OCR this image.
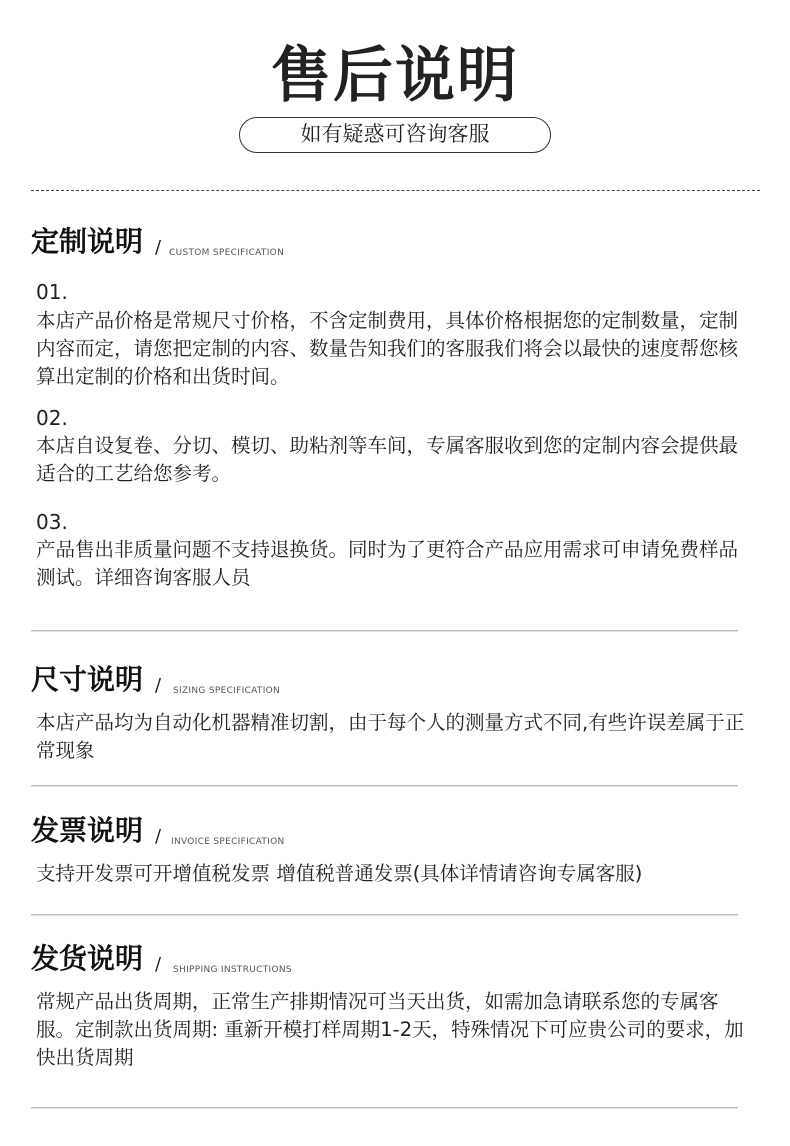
售后说明
如有疑惑可咨询客服
定制说明 / CUSTOM SPECIFICATION
01.

本店产品价格是常规尺寸价格，不含定制费用，具体价格根据您的定制数量，定制内容而定，请您把定制的内容、数量告知我们的客服我们将会以最快的速度帮您核算出定制的价格和出货时间。

02.

本店自设复卷、分切、模切、助粘剂等车间，专属客服收到您的定制内容会提供最适合的工艺给您参考。

03.

产品售出非质量问题不支持退换货。同时为了更符合产品应用需求可申请免费样品测试。详细咨询客服人员

尺寸说明 / SIZING SPECIFICATION

本店产品均为自动化机器精准切割，由于每个人的测量方式不同,有些许误差属于正常现象

发票说明 / INVOICE SPECIFICATION

支持开发票可开增值税发票 增值税普通发票(具体详情请咨询专属客服)

发货说明 / SHIPPING INSTRUCTIONS

常规产品出货周期，正常生产排期情况可当天出货，如需加急请联系您的专属客服。定制款出货周期: 重新开模打样周期1-2天，特殊情况下可应贵公司的要求，加快出货周期
